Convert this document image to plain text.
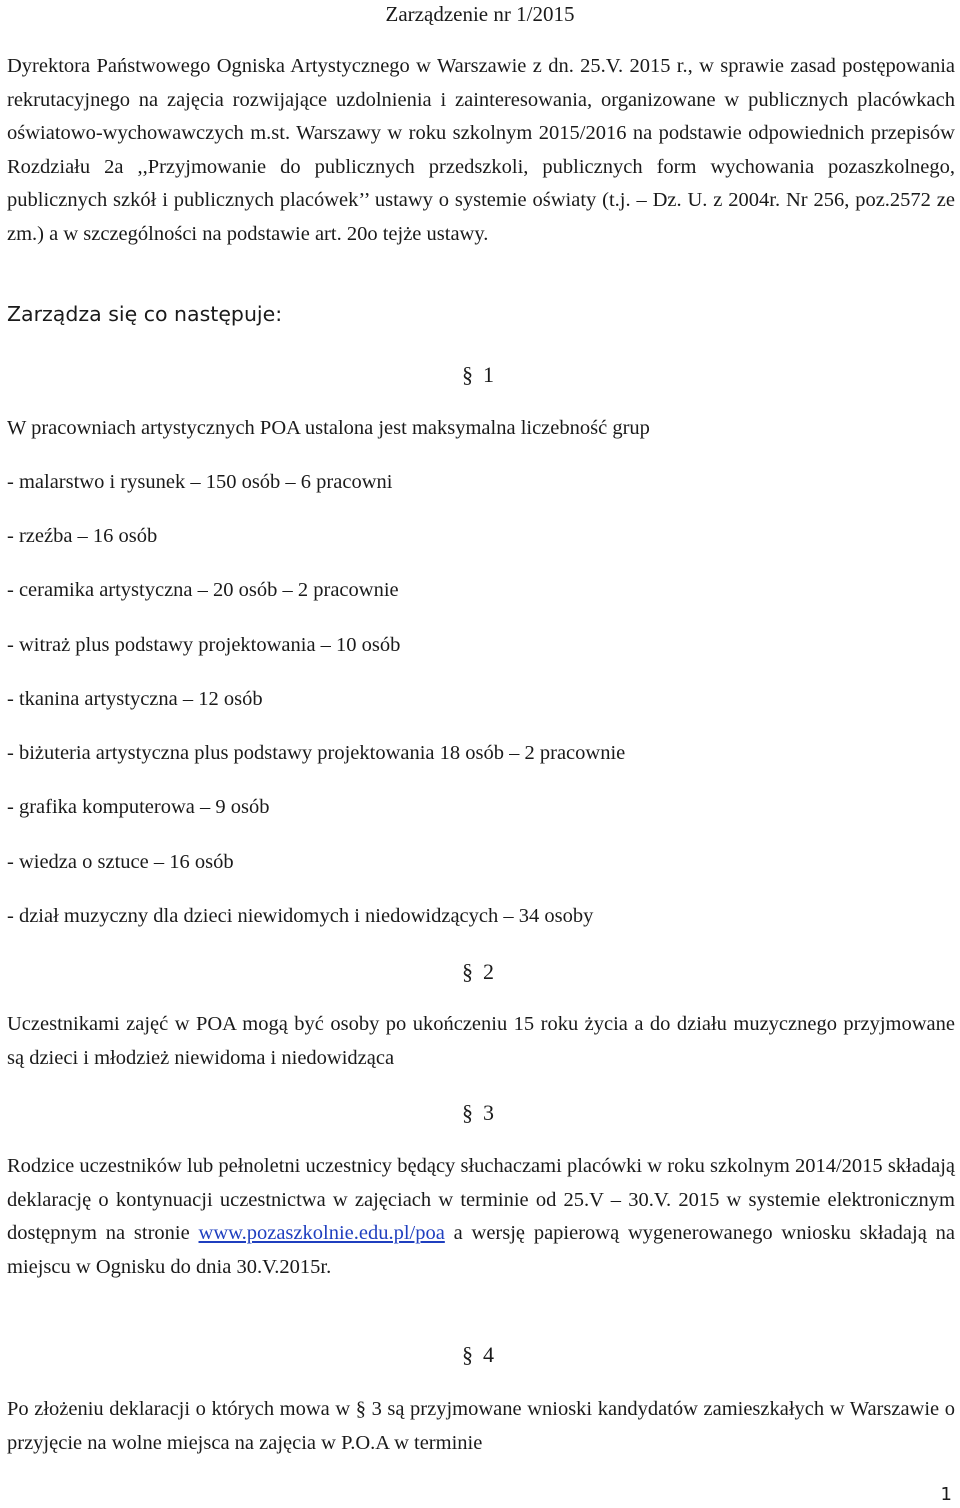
Zarządzenie nr 1/2015
Dyrektora Państwowego Ogniska Artystycznego w Warszawie z dn. 25.V. 2015 r., w sprawie zasad postępowania rekrutacyjnego na zajęcia rozwijające uzdolnienia i zainteresowania, organizowane w publicznych placówkach oświatowo-wychowawczych m.st. Warszawy w roku szkolnym 2015/2016 na podstawie odpowiednich przepisów Rozdziału 2a ,,Przyjmowanie do publicznych przedszkoli, publicznych form wychowania pozaszkolnego, publicznych szkół i publicznych placówek’’ ustawy o systemie oświaty (t.j. – Dz. U. z 2004r. Nr 256, poz.2572 ze zm.) a w szczególności na podstawie art. 20o tejże ustawy.
Zarządza się co następuje:
§ 1
W pracowniach artystycznych POA ustalona jest maksymalna liczebność grup
- malarstwo i rysunek – 150 osób – 6 pracowni
- rzeźba – 16 osób
- ceramika artystyczna – 20 osób – 2 pracownie
- witraż plus podstawy projektowania – 10 osób
- tkanina artystyczna – 12 osób
- biżuteria artystyczna plus podstawy projektowania 18 osób – 2 pracownie
- grafika komputerowa – 9 osób
- wiedza o sztuce – 16 osób
- dział muzyczny dla dzieci niewidomych i niedowidzących – 34 osoby
§ 2
Uczestnikami zajęć w POA mogą być osoby po ukończeniu 15 roku życia a do działu muzycznego przyjmowane są dzieci i młodzież niewidoma i niedowidząca
§ 3
Rodzice uczestników lub pełnoletni uczestnicy będący słuchaczami placówki w roku szkolnym 2014/2015 składają deklarację o kontynuacji uczestnictwa w zajęciach w terminie od 25.V – 30.V. 2015 w systemie elektronicznym dostępnym na stronie www.pozaszkolnie.edu.pl/poa a wersję papierową wygenerowanego wniosku składają na miejscu w Ognisku do dnia 30.V.2015r.
§ 4
Po złożeniu deklaracji o których mowa w § 3 są przyjmowane wnioski kandydatów zamieszkałych w Warszawie o przyjęcie na wolne miejsca na zajęcia w P.O.A w terminie
1
